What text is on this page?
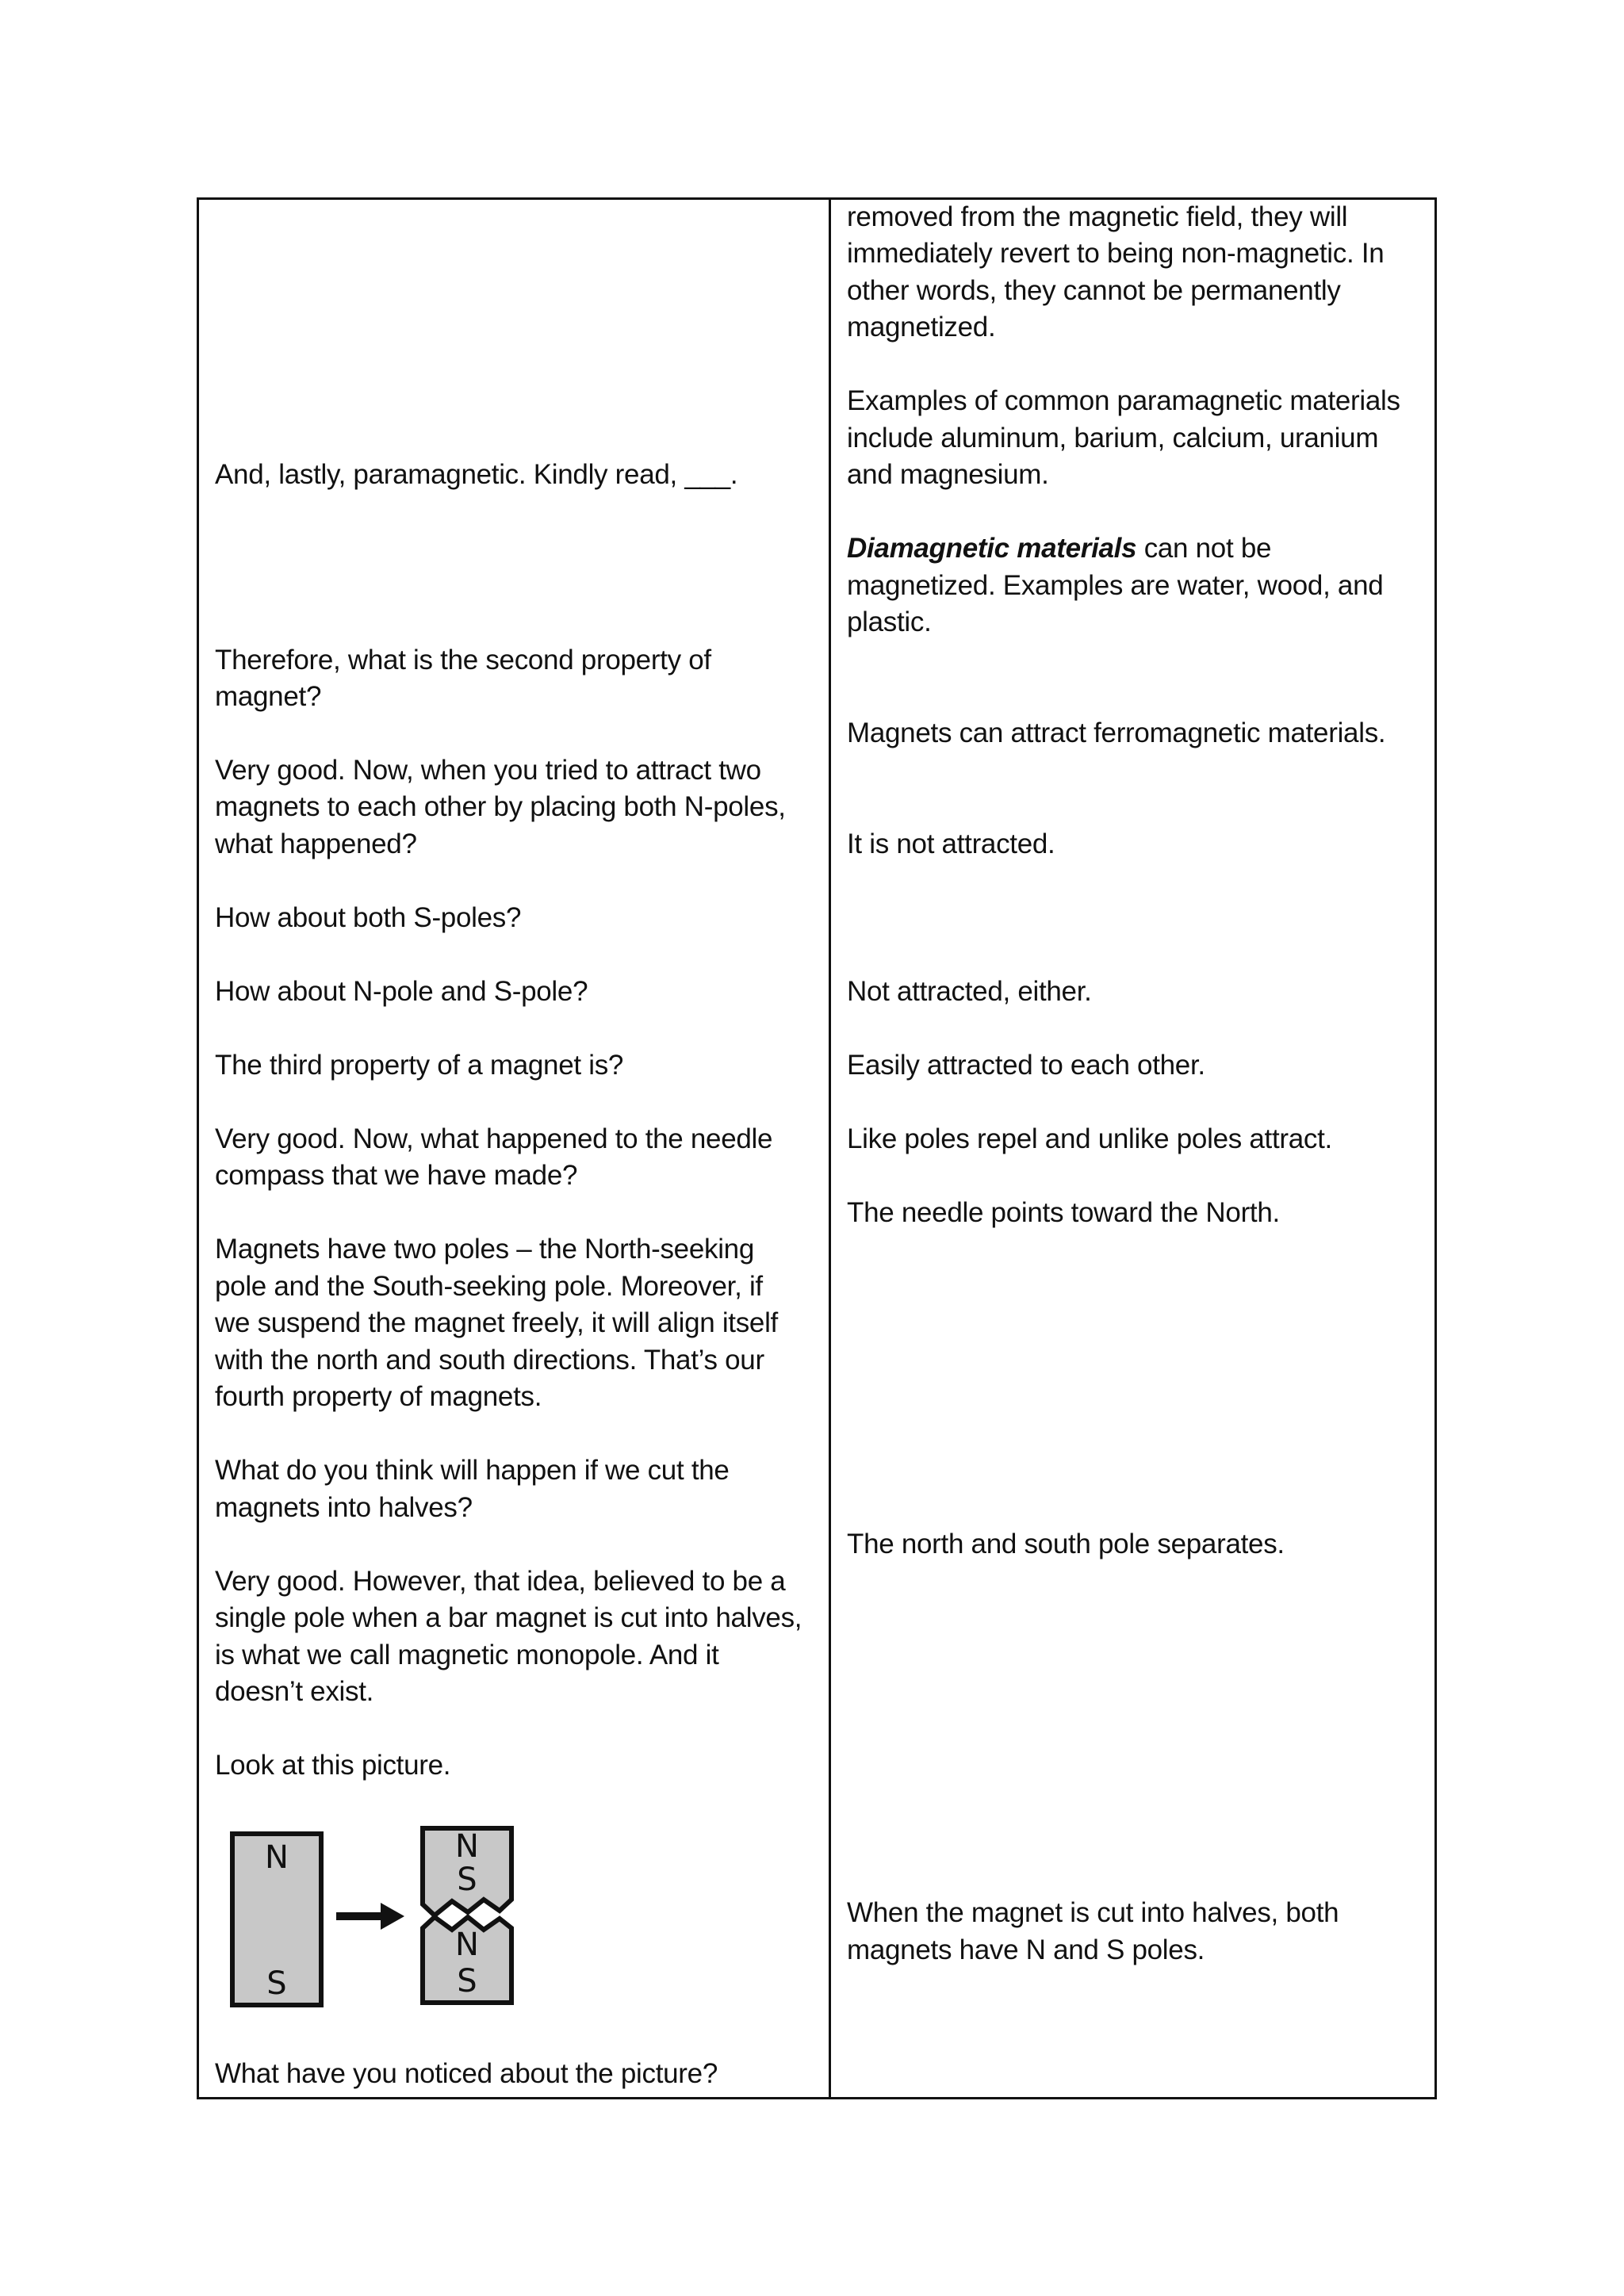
And, lastly, paramagnetic. Kindly read, ___.
Therefore, what is the second property of
magnet?
Very good. Now, when you tried to attract two
magnets to each other by placing both N-poles,
what happened?
How about both S-poles?
How about N-pole and S-pole?
The third property of a magnet is?
Very good. Now, what happened to the needle
compass that we have made?
Magnets have two poles – the North-seeking
pole and the South-seeking pole. Moreover, if
we suspend the magnet freely, it will align itself
with the north and south directions. That’s our
fourth property of magnets.
What do you think will happen if we cut the
magnets into halves?
Very good. However, that idea, believed to be a
single pole when a bar magnet is cut into halves,
is what we call magnetic monopole. And it
doesn’t exist.
Look at this picture.
N
S
N
S
N
S
What have you noticed about the picture?
removed from the magnetic field, they will
immediately revert to being non-magnetic. In
other words, they cannot be permanently
magnetized.
Examples of common paramagnetic materials
include aluminum, barium, calcium, uranium
and magnesium.
Diamagnetic materials can not be
magnetized. Examples are water, wood, and
plastic.
Magnets can attract ferromagnetic materials.
It is not attracted.
Not attracted, either.
Easily attracted to each other.
Like poles repel and unlike poles attract.
The needle points toward the North.
The north and south pole separates.
When the magnet is cut into halves, both
magnets have N and S poles.
